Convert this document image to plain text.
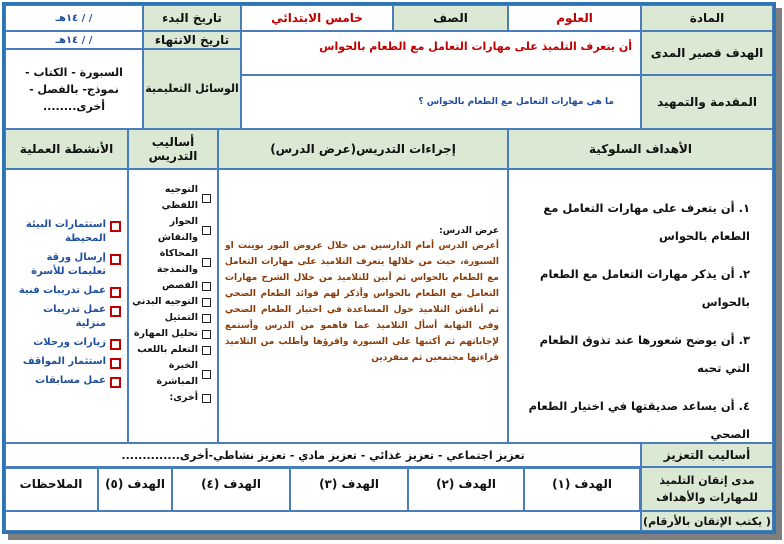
المادة
العلوم
الصف
خامس الابتدائي
تاريخ البدء
/ / ١٤هـ
الهدف قصير المدى
أن يتعرف التلميذ على مهارات التعامل مع الطعام بالحواس
تاريخ الانتهاء
/ / ١٤هـ
الوسائل التعليمية
السبورة - الكتاب - نموذج- بالفصل - أخرى........	المقدمة والتمهيد
ما هي مهارات التعامل مع الطعام بالحواس ؟
الأهداف السلوكية
إجراءات التدريس(عرض الدرس)
أساليب التدريس
الأنشطة العملية
١. أن يتعرف على مهارات التعامل مع الطعام بالحواس
٢. أن يذكر مهارات التعامل مع الطعام بالحواس
٣. أن يوضح شعورها عند تذوق الطعام التي تحبه
٤. أن يساعد صديقتها في اختيار الطعام الصحي
عرض الدرس:
أعرض الدرس أمام الدارسين من خلال عروض البور بوينت او السبورة، حيث من خلالها يتعرف التلاميذ على مهارات التعامل مع الطعام بالحواس ثم أبين للتلاميذ من خلال الشرح مهارات التعامل مع الطعام بالحواس وأذكر لهم فوائد الطعام الصحي ثم أناقش التلاميذ حول المساعدة في اختيار الطعام الصحي وفي النهاية أسأل التلاميذ عما فاهمو من الدرس وأستمع لإجاباتهم ثم أكتبها على السبورة واقرؤها وأطلب من التلاميذ قراءتها مجتمعين ثم منفردين
التوجيه اللفظي
الحوار والنقاش
المحاكاة والنمذجة
القصص
التوجيه البدني
التمثيل
تحليل المهارة
التعلم باللعب
الخبرة المباشرة
أخرى:
استثمارات البيئة المحيطة
إرسال ورقة تعليمات للأسرة
عمل تدريبات فنية
عمل تدريبات منزلية
زيارات ورحلات
استثمار المواقف
عمل مسابقات
أساليب التعزيز
تعزيز اجتماعي - تعزيز غذائي - تعزيز مادي - تعزيز نشاطي-أخرى..............
مدى إتقان التلميذ للمهارات والأهداف
الهدف (١)
الهدف (٢)
الهدف (٣)
الهدف (٤)
الهدف (٥)
الملاحظات
( يكتب الإتقان بالأرقام)
